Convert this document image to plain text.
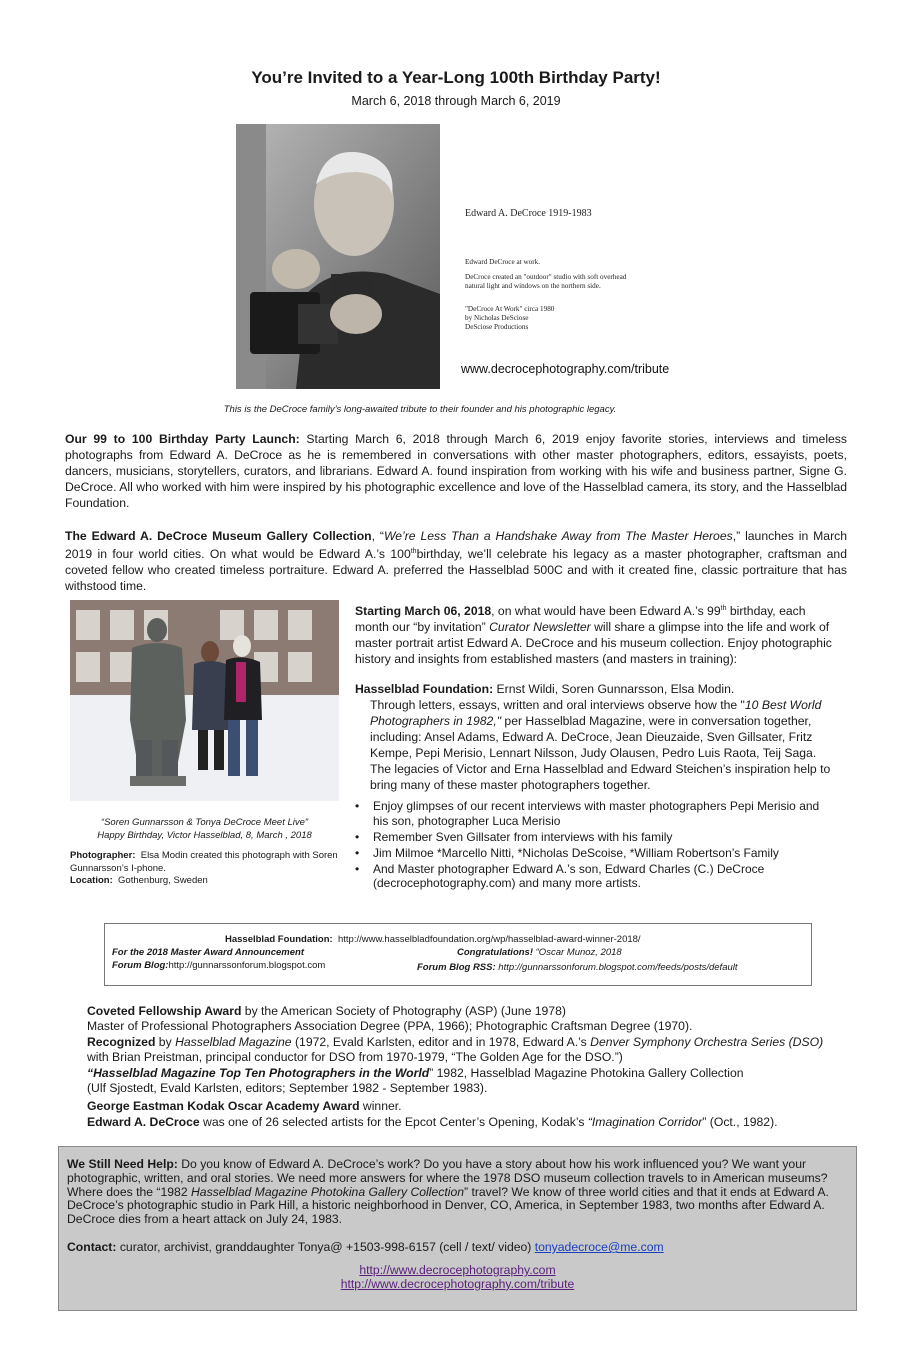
You’re Invited to a Year-Long 100th Birthday Party!
March 6, 2018 through March 6, 2019
Edward A. DeCroce 1919-1983

Edward DeCroce at work.

DeCroce created an "outdoor" studio with soft overhead natural light and windows on the northern side.

"DeCroce At Work" circa 1980
by Nicholas DeSciose
DeSciose Productions
www.decrocephotography.com/tribute
This is the DeCroce family’s long-awaited tribute to their founder and his photographic legacy.

Our 99 to 100 Birthday Party Launch: Starting March 6, 2018 through March 6, 2019 enjoy favorite stories, interviews and timeless photographs from Edward A. DeCroce as he is remembered in conversations with other master photographers, editors, essayists, poets, dancers, musicians, storytellers, curators, and librarians. Edward A. found inspiration from working with his wife and business partner, Signe G. DeCroce. All who worked with him were inspired by his photographic excellence and love of the Hasselblad camera, its story, and the Hasselblad Foundation.

The Edward A. DeCroce Museum Gallery Collection, “We’re Less Than a Handshake Away from The Master Heroes,” launches in March 2019 in four world cities. On what would be Edward A.’s 100thbirthday, we’ll celebrate his legacy as a master photographer, craftsman and coveted fellow who created timeless portraiture. Edward A. preferred the Hasselblad 500C and with it created fine, classic portraiture that has withstood time.

“Soren Gunnarsson & Tonya DeCroce Meet Live”
Happy Birthday, Victor Hasselblad, 8, March , 2018
Photographer: Elsa Modin created this photograph with Soren Gunnarsson’s I-phone.
Location: Gothenburg, Sweden

Starting March 06, 2018, on what would have been Edward A.’s 99th birthday, each month our “by invitation” Curator Newsletter will share a glimpse into the life and work of master portrait artist Edward A. DeCroce and his museum collection. Enjoy photographic history and insights from established masters (and masters in training):

Hasselblad Foundation: Ernst Wildi, Soren Gunnarsson, Elsa Modin.

Through letters, essays, written and oral interviews observe how the "10 Best World Photographers in 1982," per Hasselblad Magazine, were in conversation together, including: Ansel Adams, Edward A. DeCroce, Jean Dieuzaide, Sven Gillsater, Fritz Kempe, Pepi Merisio, Lennart Nilsson, Judy Olausen, Pedro Luis Raota, Teij Saga. The legacies of Victor and Erna Hasselblad and Edward Steichen’s inspiration help to bring many of these master photographers together.

• Enjoy glimpses of our recent interviews with master photographers Pepi Merisio and his son, photographer Luca Merisio
• Remember Sven Gillsater from interviews with his family
• Jim Milmoe *Marcello Nitti, *Nicholas DeScoise, *William Robertson’s Family
• And Master photographer Edward A.’s son, Edward Charles (C.) DeCroce (decrocephotography.com) and many more artists.
Hasselblad Foundation: http://www.hasselbladfoundation.org/wp/hasselblad-award-winner-2018/
For the 2018 Master Award Announcement	Congratulations! “Oscar Munoz, 2018
Forum Blog:http://gunnarssonforum.blogspot.com	Forum Blog RSS: http://gunnarssonforum.blogspot.com/feeds/posts/default

Coveted Fellowship Award by the American Society of Photography (ASP) (June 1978)

Master of Professional Photographers Association Degree (PPA, 1966); Photographic Craftsman Degree (1970).

Recognized by Hasselblad Magazine (1972, Evald Karlsten, editor and in 1978, Edward A.’s Denver Symphony Orchestra Series (DSO) with Brian Preistman, principal conductor for DSO from 1970-1979, “The Golden Age for the DSO.”)

“Hasselblad Magazine Top Ten Photographers in the World” 1982, Hasselblad Magazine Photokina Gallery Collection

(Ulf Sjostedt, Evald Karlsten, editors; September 1982 - September 1983).

George Eastman Kodak Oscar Academy Award winner.

Edward A. DeCroce was one of 26 selected artists for the Epcot Center’s Opening, Kodak’s “Imagination Corridor” (Oct., 1982).

We Still Need Help: Do you know of Edward A. DeCroce’s work? Do you have a story about how his work influenced you? We want your photographic, written, and oral stories. We need more answers for where the 1978 DSO museum collection travels to in American museums? Where does the “1982 Hasselblad Magazine Photokina Gallery Collection” travel? We know of three world cities and that it ends at Edward A. DeCroce’s photographic studio in Park Hill, a historic neighborhood in Denver, CO, America, in September 1983, two months after Edward A. DeCroce dies from a heart attack on July 24, 1983.

Contact: curator, archivist, granddaughter Tonya@ +1503-998-6157 (cell / text/ video) tonyadecroce@me.com

http://www.decrocephotography.com
http://www.decrocephotography.com/tribute
